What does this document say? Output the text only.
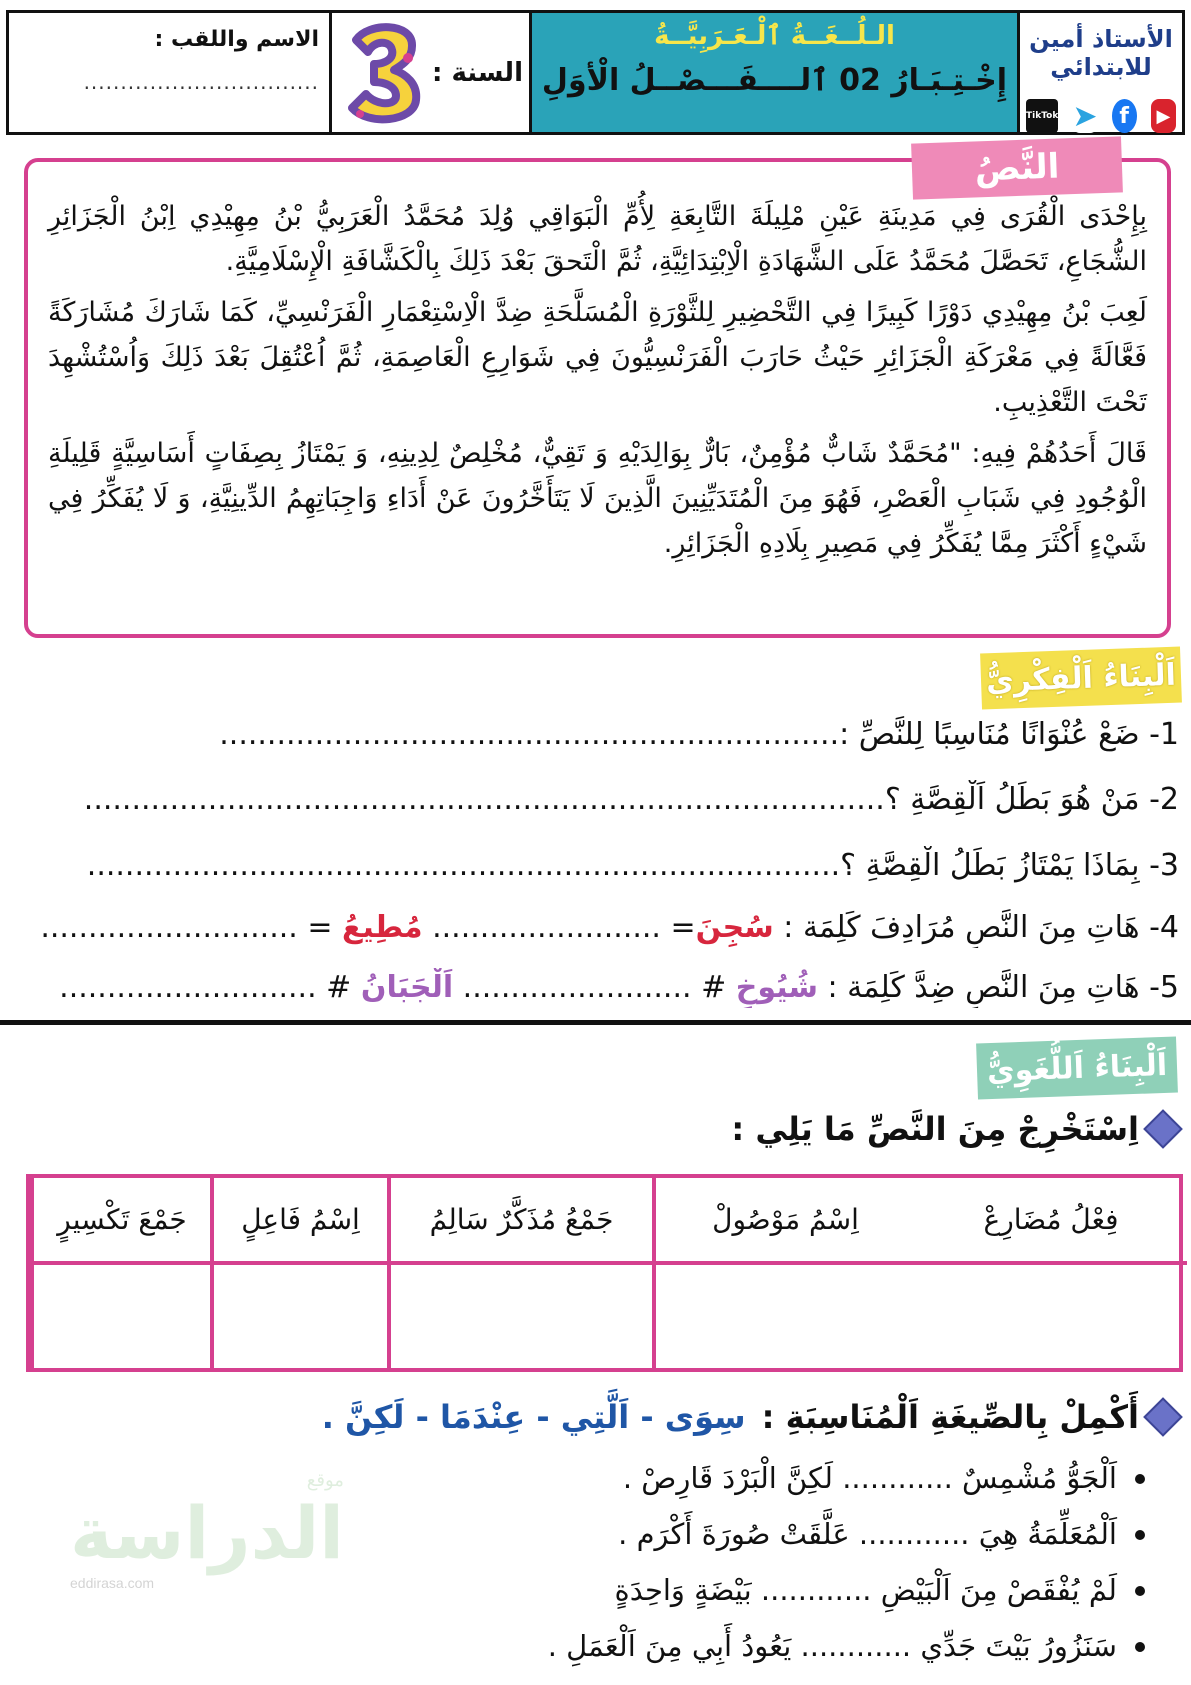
الأستاذ أمين للابتدائي
▶
f
➤
TikTok
الـلُــغَــةُ ٱلْـعَـرَبِيَّــةُ
إِخْـتِـبَـارُ 02 ٱلــــفَـــصْــلُ الْأوَلِ
السنة :
الاسم واللقب :
................................
النَّصُ

بِإِحْدَى الْقُرَى فِي مَدِينَةِ عَيْنِ مْلِيلَةَ التَّابِعَةِ لِأُمِّ الْبَوَاقِي وُلِدَ مُحَمَّدُ الْعَرَبِيُّ بْنُ مِهِيْدِي اِبْنُ الْجَزَائِرِ الشُّجَاعِ، تَحَصَّلَ مُحَمَّدُ عَلَى الشَّهَادَةِ الْاِبْتِدَائِيَّةِ، ثُمَّ الْتَحقَ بَعْدَ ذَلِكَ بِالْكَشَّافَةِ الْإِسْلَامِيَّةِ.

لَعِبَ بْنُ مِهِيْدِي دَوْرًا كَبِيرًا فِي التَّحْضِيرِ لِلثَّوْرَةِ الْمُسَلَّحَةِ ضِدَّ الْاِسْتِعْمَارِ الْفَرَنْسِيِّ، كَمَا شَارَكَ مُشَارَكَةً فَعَّالَةً فِي مَعْرَكَةِ الْجَزَائِرِ حَيْثُ حَارَبَ الْفَرَنْسِيُّونَ فِي شَوَارِعِ الْعَاصِمَةِ، ثُمَّ اُعْتُقِلَ بَعْدَ ذَلِكَ وَاُسْتُشْهِدَ تَحْتَ التَّعْذِيبِ.

قَالَ أَحَدُهُمْ فِيهِ: "مُحَمَّدٌ شَابٌّ مُؤْمِنٌ، بَارٌّ بِوَالِدَيْهِ وَ تَقِيٌّ، مُخْلِصٌ لِدِينِهِ، وَ يَمْتَازُ بِصِفَاتٍ أَسَاسِيَّةٍ قَلِيلَةِ الْوُجُودِ فِي شَبَابِ الْعَصْرِ، فَهُوَ مِنَ الْمُتَدَيِّنِينَ الَّذِينَ لَا يَتَأَخَّرُونَ عَنْ أَدَاءِ وَاجِبَاتِهِمُ الدِّينِيَّةِ، وَ لَا يُفَكِّرُ فِي شَيْءٍ أَكْثَرَ مِمَّا يُفَكِّرُ فِي مَصِيرِ بِلَادِهِ الْجَزَائِرِ.

اَلْبِنَاءُ اَلْفِكْرِيُّ
1- ضَعْ عُنْوَانًا مُنَاسِبًا لِلنَّصِّ :.................................................................
2- مَنْ هُوَ بَطَلُ اَلْقِصَّةِ ؟....................................................................................
3- بِمَاذَا يَمْتَازُ بَطَلُ الْقِصَّةِ ؟...............................................................................
4- هَاتِ مِنَ النَّصِ مُرَادِفَ كَلِمَة : سُجِنَ= ........................ مُطِيعُ = ...........................
5- هَاتِ مِنَ النَّصِ ضِدَّ كَلِمَة : شُيُوخٍ # ........................ اَلْجَبَانُ # ...........................
اَلْبِنَاءُ اَللُّغَوِيُّ
اِسْتَخْرِجْ مِنَ النَّصِّ مَا يَلِي :
جَمْعَ تَكْسِيرٍ	اِسْمُ فَاعِلٍ	جَمْعُ مُذَكَّرٌ سَالِمُ	اِسْمُ مَوْصُولْ	فِعْلُ مُضَارِعْ
أَكْمِلْ بِالصِّيغَةِ اَلْمُنَاسِبَةِ :
سِوَى - اَلَّتِي - عِنْدَمَا - لَكِنَّ .
اَلْجَوُّ مُشْمِسٌ ............ لَكِنَّ الْبَرْدَ قَارِصْ .
اَلْمُعَلِّمَةُ هِيَ ............ عَلَّقَتْ صُورَةَ أَكْرَم .
لَمْ يُفْقَصْ مِنَ اَلْبَيْضِ ............ بَيْضَةٍ وَاحِدَةٍ
سَنَزُورُ بَيْتَ جَدِّي ............ يَعُودُ أَبِي مِنَ اَلْعَمَلِ .
موقع
الدراسة
eddirasa.com
